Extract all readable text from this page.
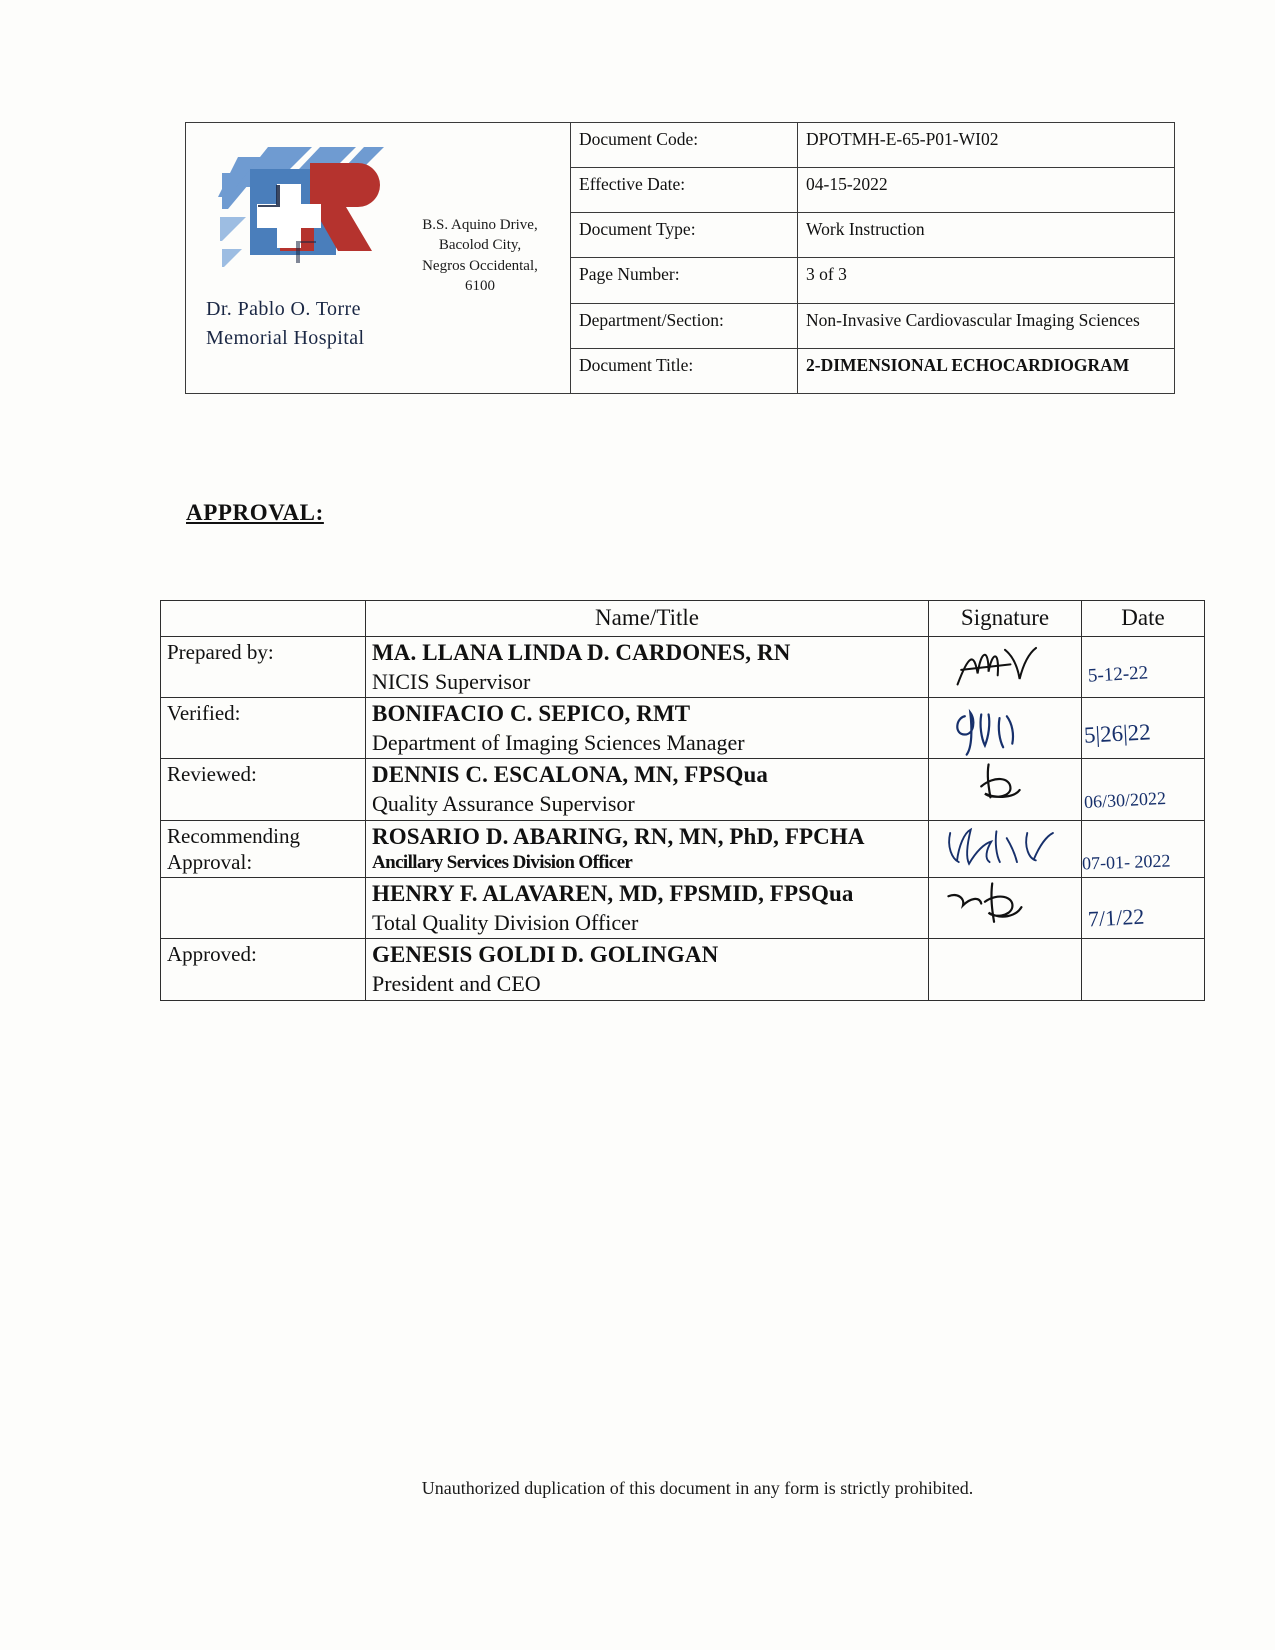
Dr. Pablo O. Torre
Memorial Hospital
B.S. Aquino Drive,
Bacolod City,
Negros Occidental,
6100
	Document Code:	DPOTMH-E-65-P01-WI02
	Effective Date:	04-15-2022
	Document Type:	Work Instruction
	Page Number:	3 of 3
	Department/Section:	Non-Invasive Cardiovascular Imaging Sciences
	Document Title:	2-DIMENSIONAL ECHOCARDIOGRAM
APPROVAL:
	Name/Title	Signature	Date
Prepared by:	MA. LLANA LINDA D. CARDONES, RN
NICIS Supervisor		5-12-22

Verified:	BONIFACIO C. SEPICO, RMT
Department of Imaging Sciences Manager		5|26|22

Reviewed:	DENNIS C. ESCALONA, MN, FPSQua
Quality Assurance Supervisor		06/30/2022

Recommending
Approval:	
ROSARIO D. ABARING, RN, MN, PhD, FPCHA
Ancillary Services Division Officer		07-01- 2022

	HENRY F. ALAVAREN, MD, FPSMID, FPSQua
Total Quality Division Officer		7/1/22

Approved:	GENESIS GOLDI D. GOLINGAN
President and CEO		

Unauthorized duplication of this document in any form is strictly prohibited.
